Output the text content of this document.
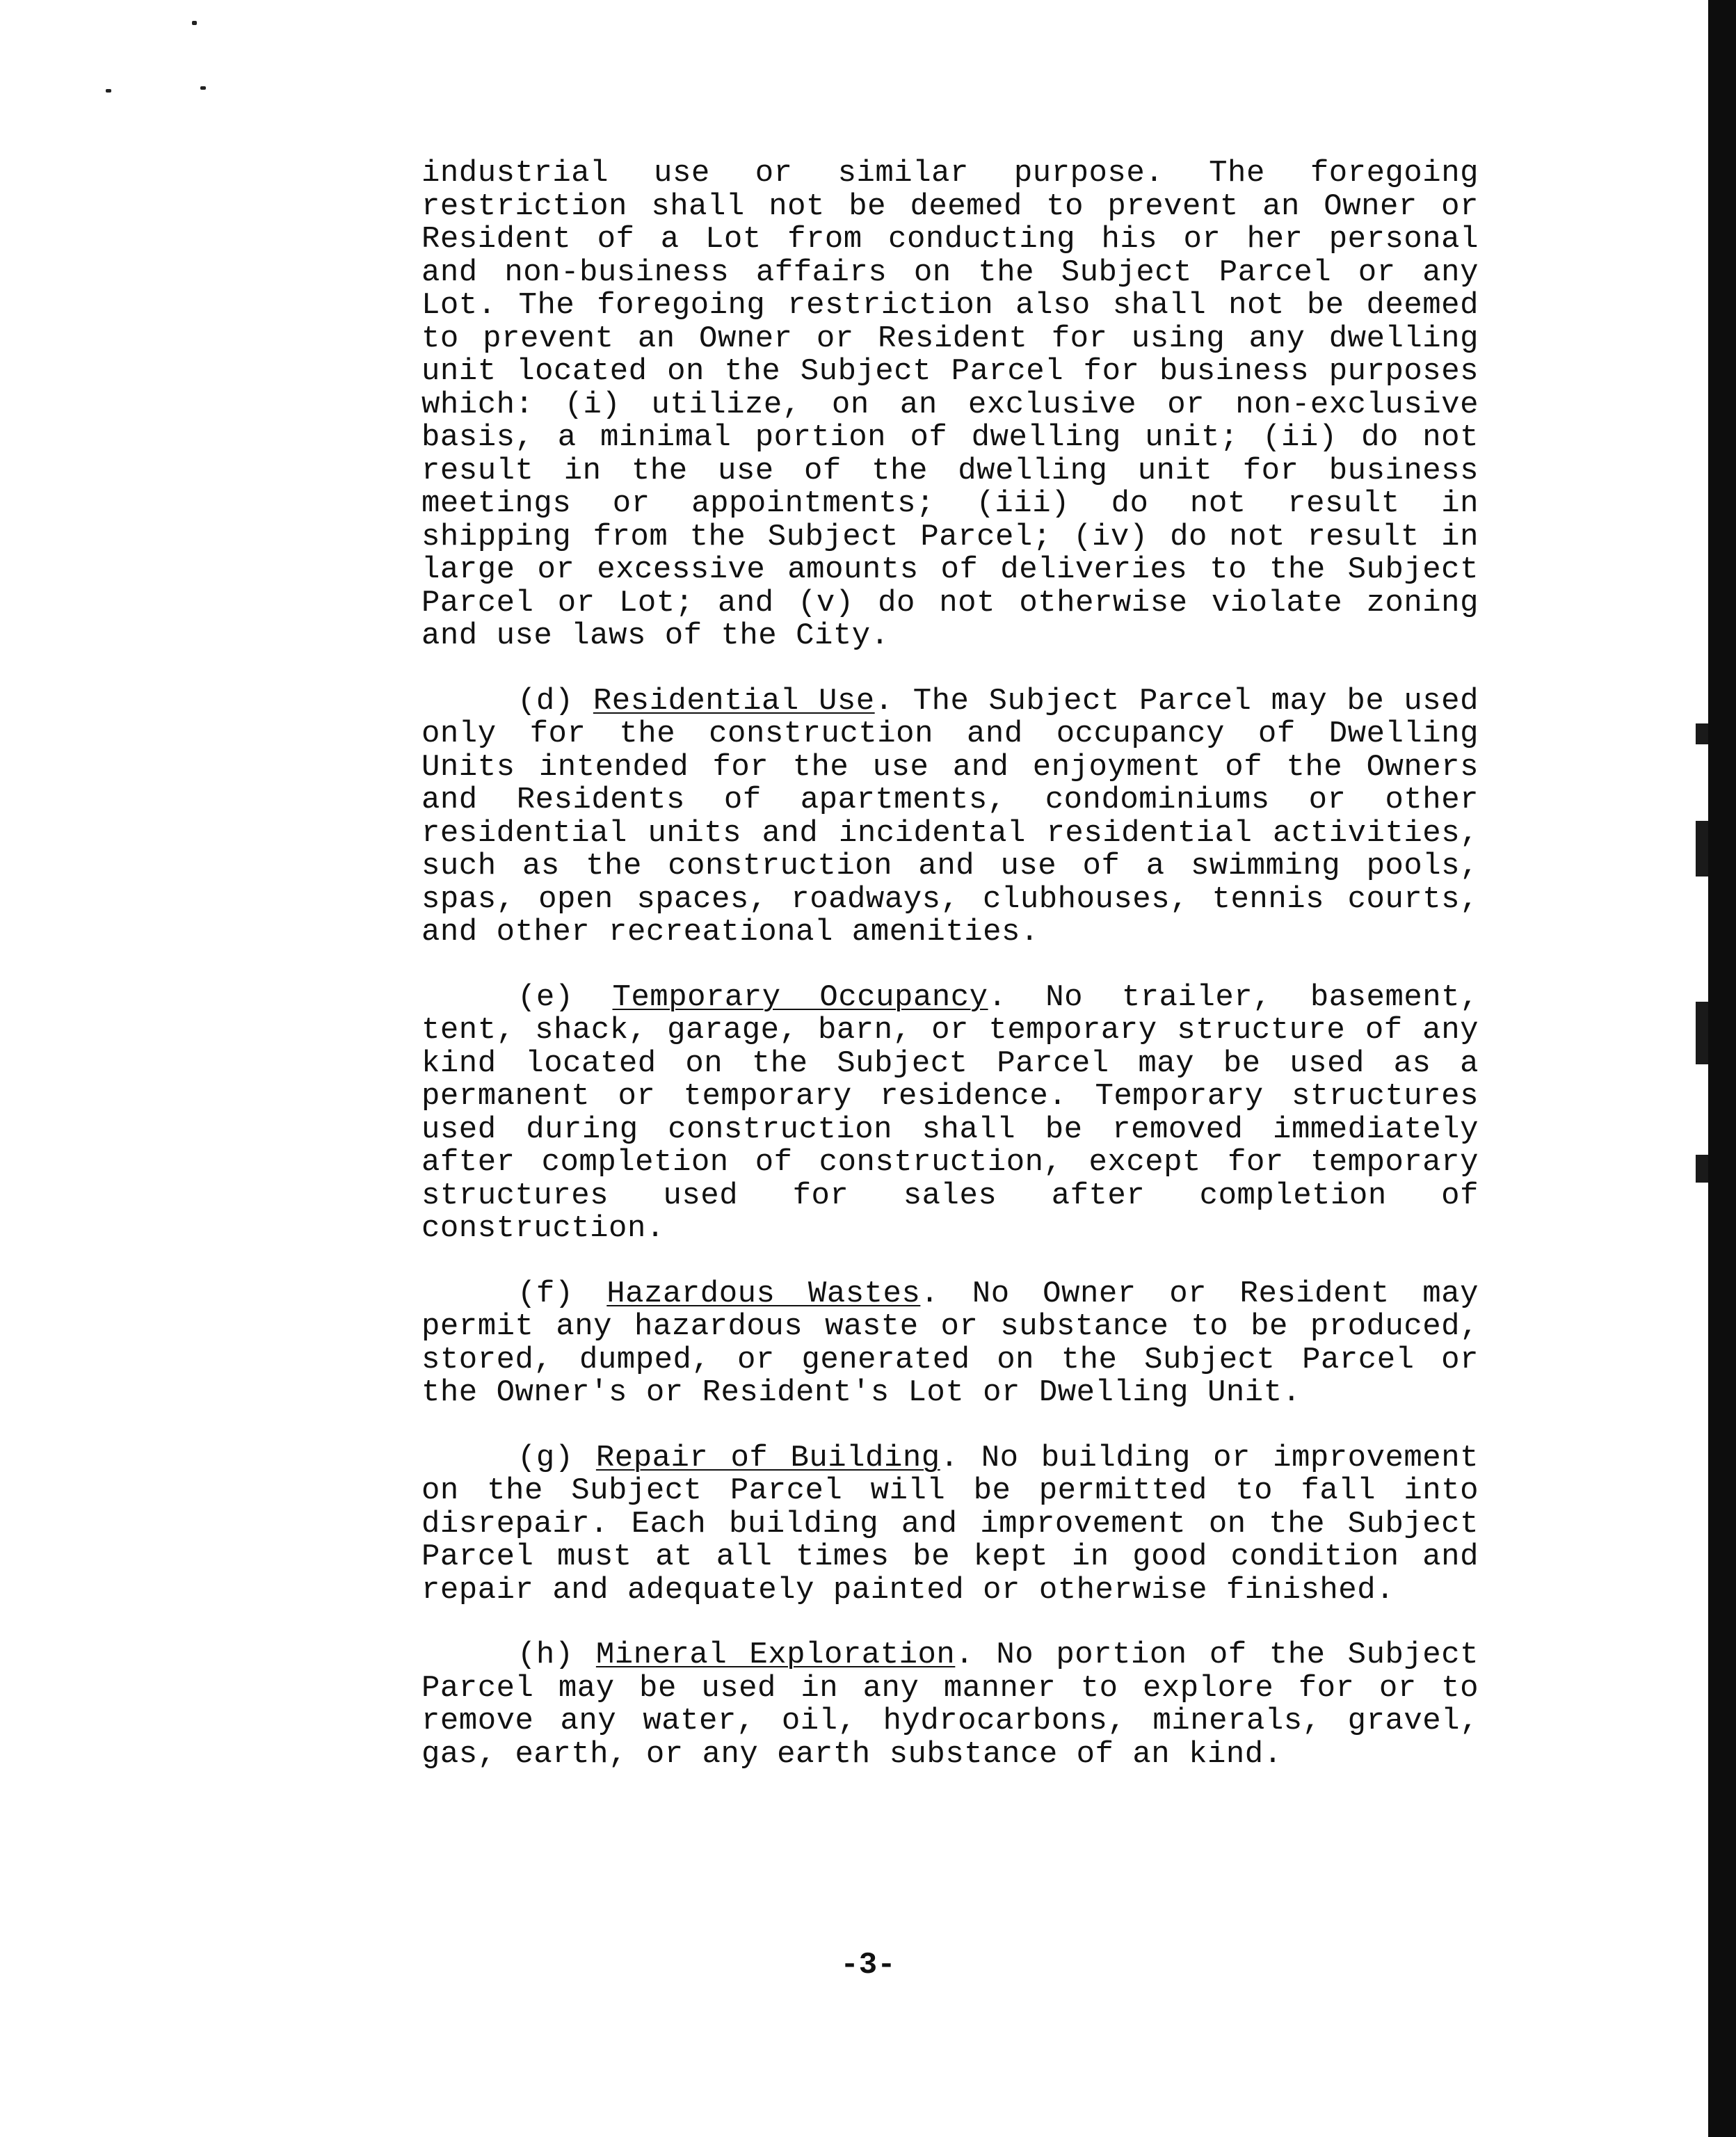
industrial use or similar purpose. The foregoing restriction shall not be deemed to prevent an Owner or Resident of a Lot from conducting his or her personal and non-business affairs on the Subject Parcel or any Lot. The foregoing restriction also shall not be deemed to prevent an Owner or Resident for using any dwelling unit located on the Subject Parcel for business purposes which: (i) utilize, on an exclusive or non-exclusive basis, a minimal portion of dwelling unit; (ii) do not result in the use of the dwelling unit for business meetings or appointments; (iii) do not result in shipping from the Subject Parcel; (iv) do not result in large or excessive amounts of deliveries to the Subject Parcel or Lot; and (v) do not otherwise violate zoning and use laws of the City.

(d) Residential Use. The Subject Parcel may be used only for the construction and occupancy of Dwelling Units intended for the use and enjoyment of the Owners and Residents of apartments, condominiums or other residential units and incidental residential activities, such as the construction and use of a swimming pools, spas, open spaces, roadways, clubhouses, tennis courts, and other recreational amenities.

(e) Temporary Occupancy. No trailer, basement, tent, shack, garage, barn, or temporary structure of any kind located on the Subject Parcel may be used as a permanent or temporary residence. Temporary structures used during construction shall be removed immediately after completion of construction, except for temporary structures used for sales after completion of construction.

(f) Hazardous Wastes. No Owner or Resident may permit any hazardous waste or substance to be produced, stored, dumped, or generated on the Subject Parcel or the Owner's or Resident's Lot or Dwelling Unit.

(g) Repair of Building. No building or improvement on the Subject Parcel will be permitted to fall into disrepair. Each building and improvement on the Subject Parcel must at all times be kept in good condition and repair and adequately painted or otherwise finished.

(h) Mineral Exploration. No portion of the Subject Parcel may be used in any manner to explore for or to remove any water, oil, hydrocarbons, minerals, gravel, gas, earth, or any earth substance of an kind.

-3-
